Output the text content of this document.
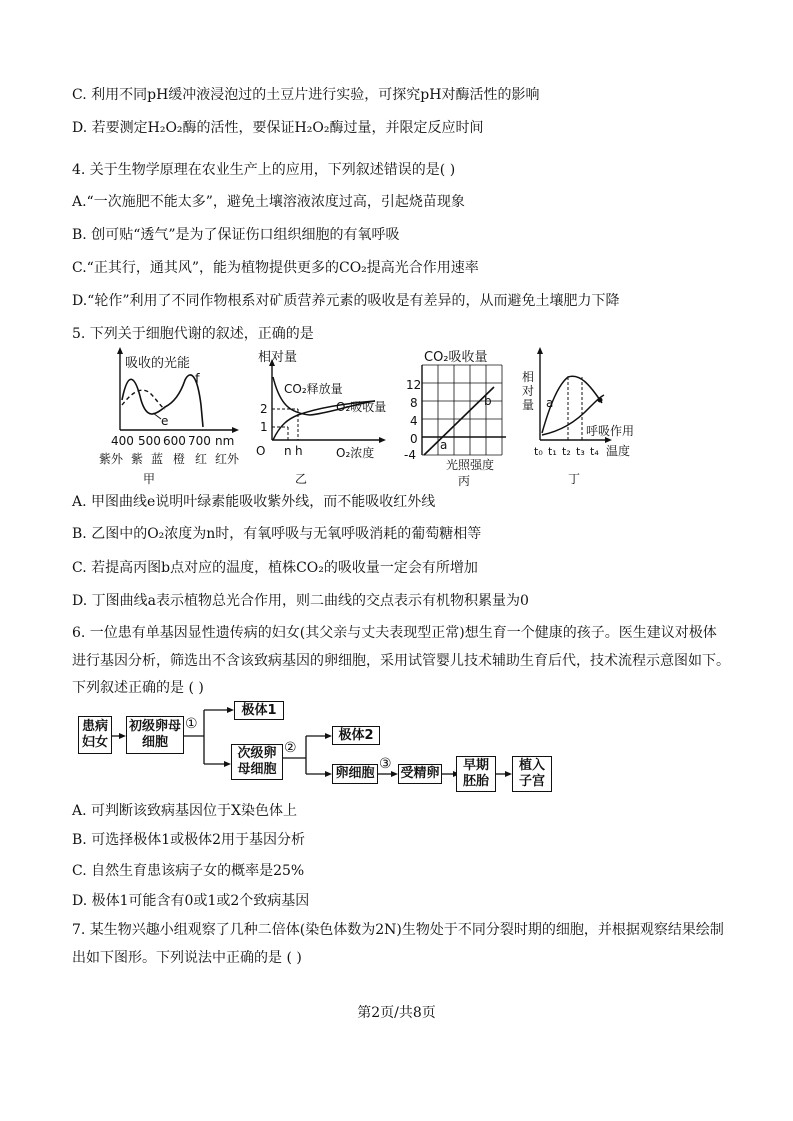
C. 利用不同pH缓冲液浸泡过的土豆片进行实验，可探究pH对酶活性的影响
D. 若要测定H₂O₂酶的活性，要保证H₂O₂酶过量，并限定反应时间
4. 关于生物学原理在农业生产上的应用，下列叙述错误的是( )
A.“一次施肥不能太多”，避免土壤溶液浓度过高，引起烧苗现象
B. 创可贴“透气”是为了保证伤口组织细胞的有氧呼吸
C.“正其行，通其风”，能为植物提供更多的CO₂提高光合作用速率
D.“轮作”利用了不同作物根系对矿质营养元素的吸收是有差异的，从而避免土壤肥力下降
5. 下列关于细胞代谢的叙述，正确的是
吸收的光能
f
e
400 500 600 700 nm
紫外 紫 蓝 橙 红 红外
甲
相对量
CO₂释放量
O₂吸收量
2
1
O n h	O₂浓度
乙
CO₂吸收量
12
8
4
0
-4
a
b
光照强度
丙
相
对
量 a
呼吸作用
t₀ t₁ t₂ t₃ t₄ 温度
丁
A. 甲图曲线e说明叶绿素能吸收紫外线，而不能吸收红外线
B. 乙图中的O₂浓度为n时，有氧呼吸与无氧呼吸消耗的葡萄糖相等
C. 若提高丙图b点对应的温度，植株CO₂的吸收量一定会有所增加
D. 丁图曲线a表示植物总光合作用，则二曲线的交点表示有机物积累量为0
6. 一位患有单基因显性遗传病的妇女(其父亲与丈夫表现型正常)想生育一个健康的孩子。医生建议对极体
进行基因分析，筛选出不含该致病基因的卵细胞，采用试管婴儿技术辅助生育后代，技术流程示意图如下。
下列叙述正确的是 ( )
①
②
③
患病妇女
初级卵母细胞
极体1
次级卵母细胞
极体2
卵细胞 受精卵
早期胚胎
植入子宫
A. 可判断该致病基因位于X染色体上
B. 可选择极体1或极体2用于基因分析
C. 自然生育患该病子女的概率是25%
D. 极体1可能含有0或1或2个致病基因
7. 某生物兴趣小组观察了几种二倍体(染色体数为2N)生物处于不同分裂时期的细胞，并根据观察结果绘制
出如下图形。下列说法中正确的是 ( )
第2页/共8页
